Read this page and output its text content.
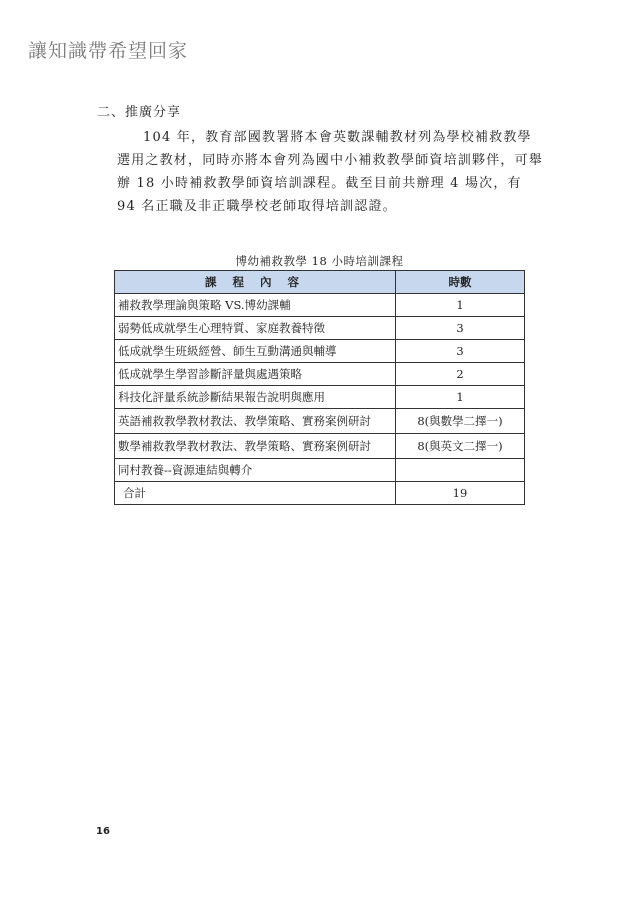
讓知識帶希望回家
二、推廣分享

104 年，教育部國教署將本會英數課輔教材列為學校補救教學選用之教材，同時亦將本會列為國中小補救教學師資培訓夥伴，可舉辦 18 小時補救教學師資培訓課程。截至目前共辦理 4 場次，有 94 名正職及非正職學校老師取得培訓認證。

博幼補救教學 18 小時培訓課程
課 程 內 容	時數
補救教學理論與策略 VS.博幼課輔	1
弱勢低成就學生心理特質、家庭教養特徵	3
低成就學生班級經營、師生互動溝通與輔導	3
低成就學生學習診斷評量與處遇策略	2
科技化評量系統診斷結果報告說明與應用	1
英語補救教學教材教法、教學策略、實務案例研討	8(與數學二擇一)
數學補救教學教材教法、教學策略、實務案例研討	8(與英文二擇一)
同村教養--資源連結與轉介	
合計	19
16
